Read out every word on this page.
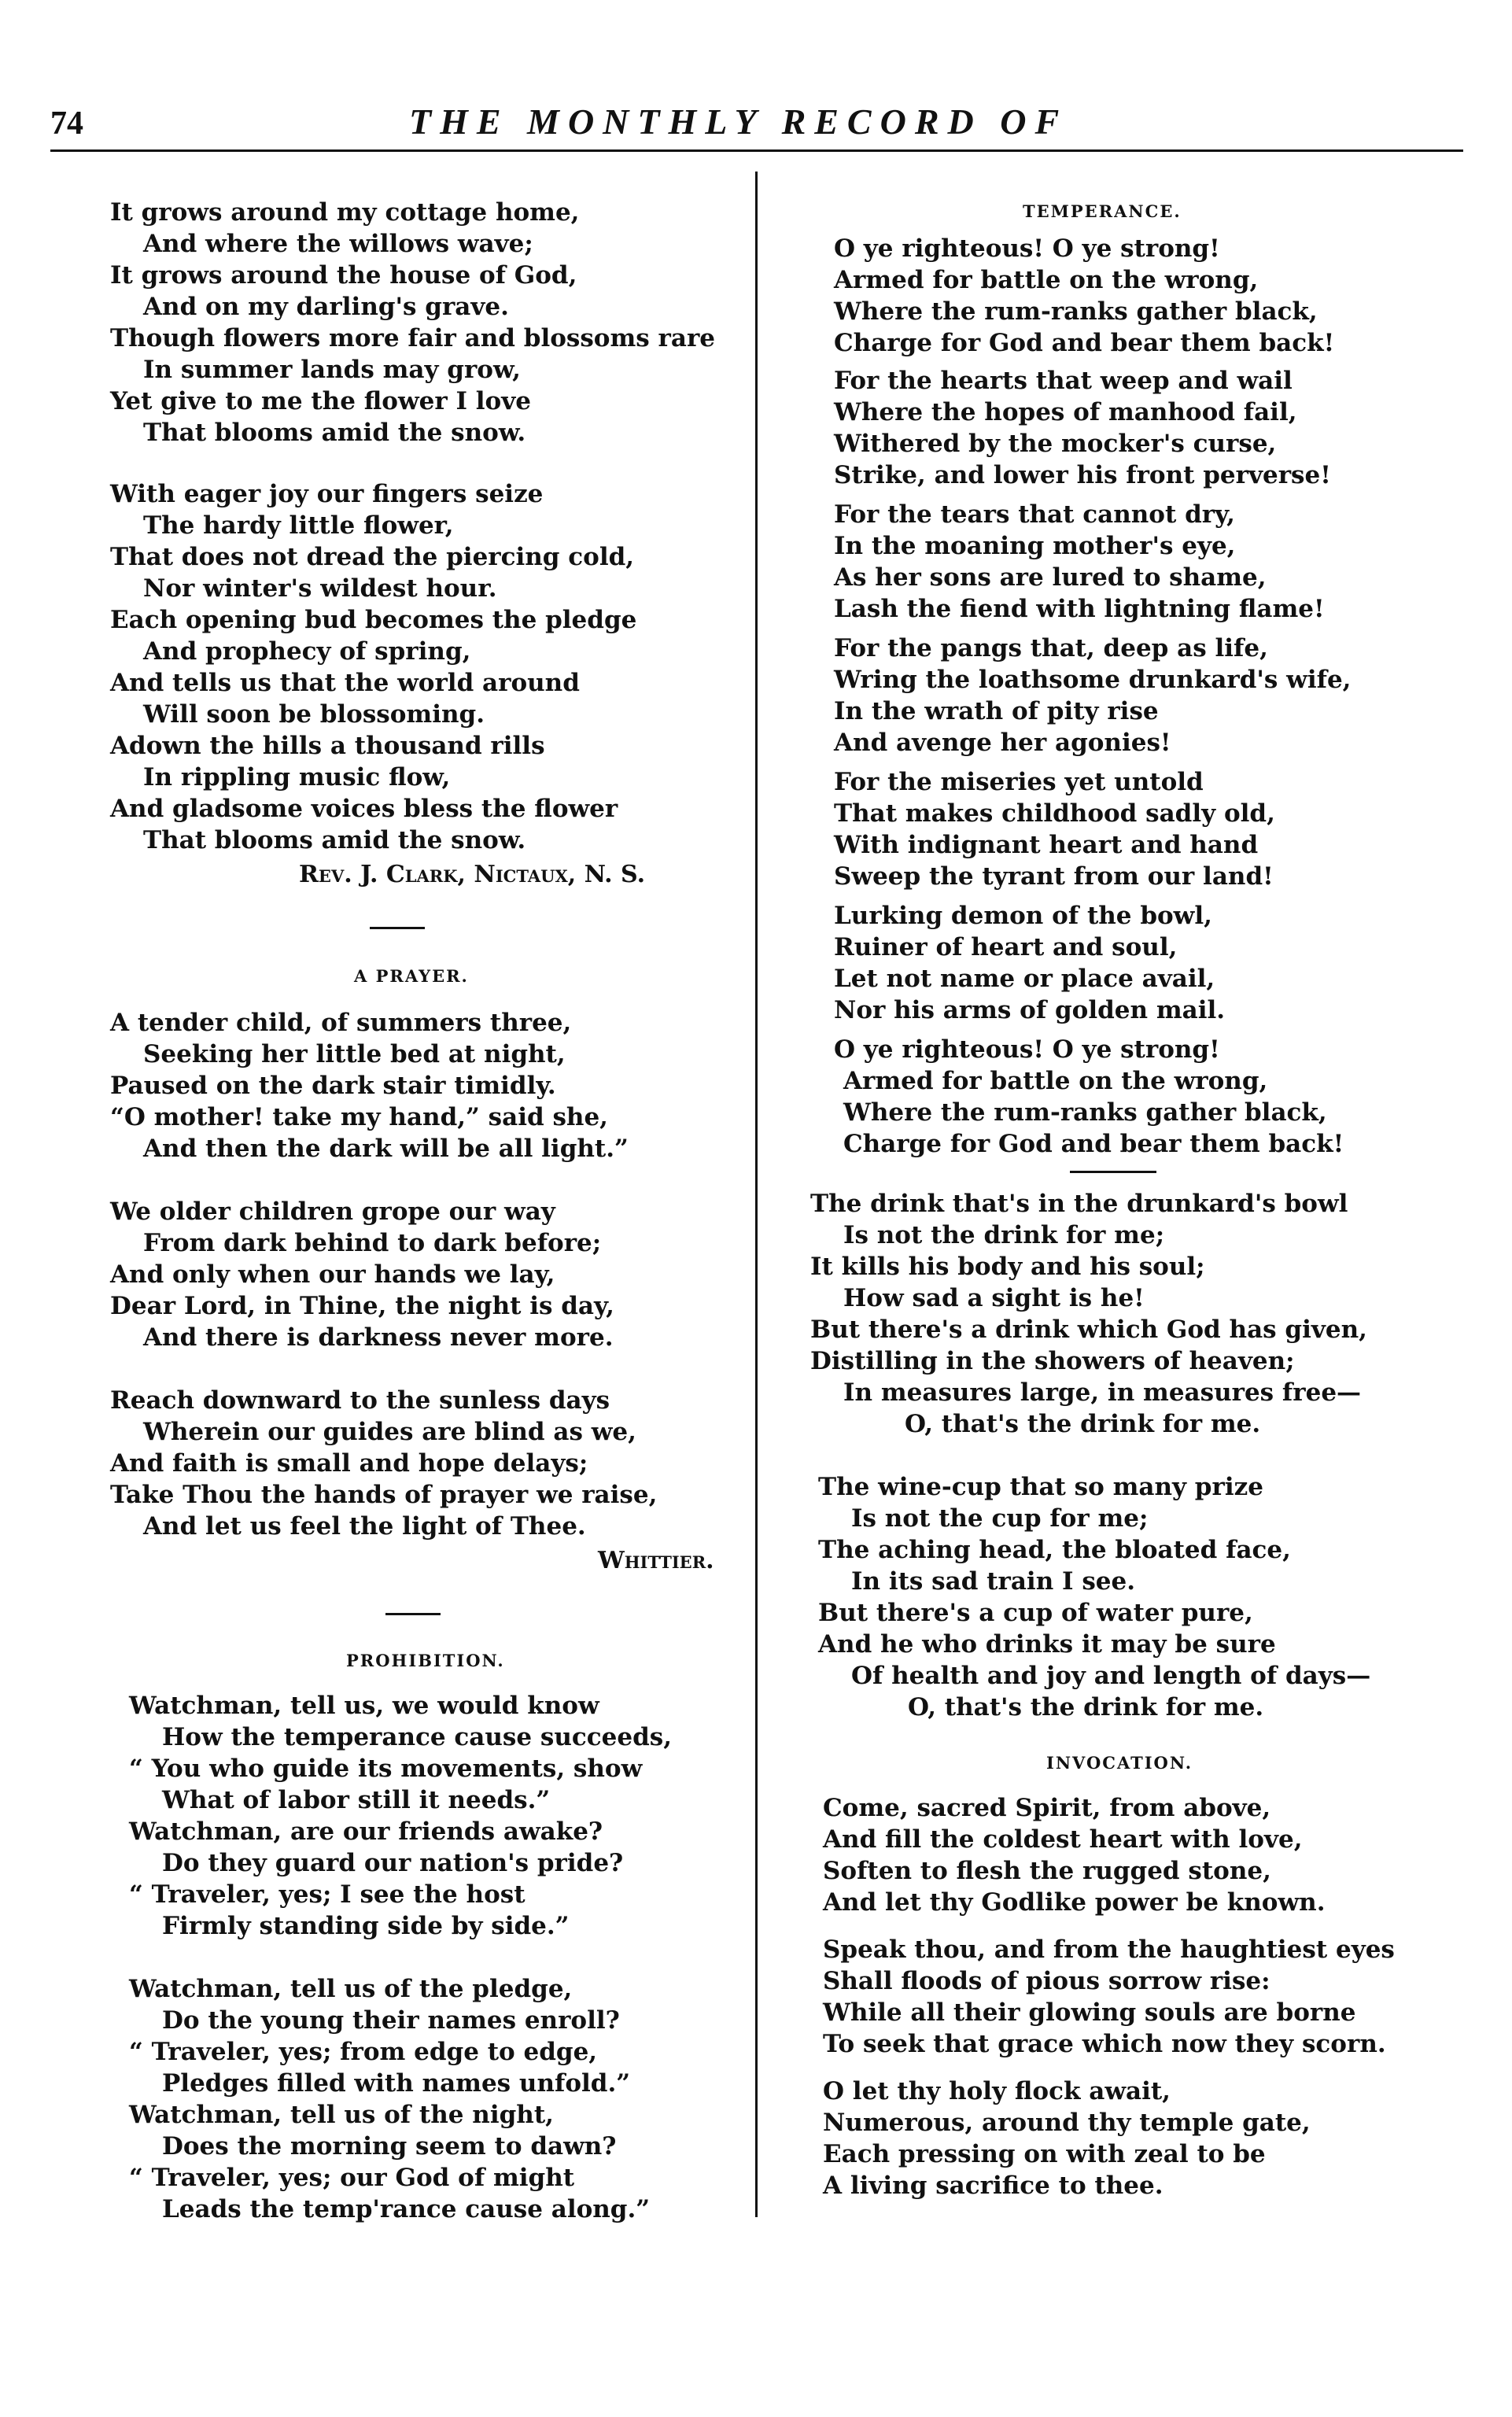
74	THE MONTHLY RECORD OF
It grows around my cottage home,
And where the willows wave;
It grows around the house of God,
And on my darling's grave.
Though flowers more fair and blossoms rare
In summer lands may grow,
Yet give to me the flower I love
That blooms amid the snow.
With eager joy our fingers seize
The hardy little flower,
That does not dread the piercing cold,
Nor winter's wildest hour.
Each opening bud becomes the pledge
And prophecy of spring,
And tells us that the world around
Will soon be blossoming.
Adown the hills a thousand rills
In rippling music flow,
And gladsome voices bless the flower
That blooms amid the snow.
Rev. J. Clark, Nictaux, N. S.
A PRAYER.
A tender child, of summers three,
Seeking her little bed at night,
Paused on the dark stair timidly.
“O mother! take my hand,” said she,
And then the dark will be all light.”
We older children grope our way
From dark behind to dark before;
And only when our hands we lay,
Dear Lord, in Thine, the night is day,
And there is darkness never more.
Reach downward to the sunless days
Wherein our guides are blind as we,
And faith is small and hope delays;
Take Thou the hands of prayer we raise,
And let us feel the light of Thee.
Whittier.
PROHIBITION.
Watchman, tell us, we would know
How the temperance cause succeeds,
“ You who guide its movements, show
What of labor still it needs.”
Watchman, are our friends awake?
Do they guard our nation's pride?
“ Traveler, yes; I see the host
Firmly standing side by side.”
Watchman, tell us of the pledge,
Do the young their names enroll?
“ Traveler, yes; from edge to edge,
Pledges filled with names unfold.”
Watchman, tell us of the night,
Does the morning seem to dawn?
“ Traveler, yes; our God of might
Leads the temp'rance cause along.”
TEMPERANCE.
O ye righteous! O ye strong!
Armed for battle on the wrong,
Where the rum-ranks gather black,
Charge for God and bear them back!
For the hearts that weep and wail
Where the hopes of manhood fail,
Withered by the mocker's curse,
Strike, and lower his front perverse!
For the tears that cannot dry,
In the moaning mother's eye,
As her sons are lured to shame,
Lash the fiend with lightning flame!
For the pangs that, deep as life,
Wring the loathsome drunkard's wife,
In the wrath of pity rise
And avenge her agonies!
For the miseries yet untold
That makes childhood sadly old,
With indignant heart and hand
Sweep the tyrant from our land!
Lurking demon of the bowl,
Ruiner of heart and soul,
Let not name or place avail,
Nor his arms of golden mail.
O ye righteous! O ye strong!
Armed for battle on the wrong,
Where the rum-ranks gather black,
Charge for God and bear them back!
The drink that's in the drunkard's bowl
Is not the drink for me;
It kills his body and his soul;
How sad a sight is he!
But there's a drink which God has given,
Distilling in the showers of heaven;
In measures large, in measures free—
O, that's the drink for me.
The wine-cup that so many prize
Is not the cup for me;
The aching head, the bloated face,
In its sad train I see.
But there's a cup of water pure,
And he who drinks it may be sure
Of health and joy and length of days—
O, that's the drink for me.
INVOCATION.
Come, sacred Spirit, from above,
And fill the coldest heart with love,
Soften to flesh the rugged stone,
And let thy Godlike power be known.
Speak thou, and from the haughtiest eyes
Shall floods of pious sorrow rise:
While all their glowing souls are borne
To seek that grace which now they scorn.
O let thy holy flock await,
Numerous, around thy temple gate,
Each pressing on with zeal to be
A living sacrifice to thee.
